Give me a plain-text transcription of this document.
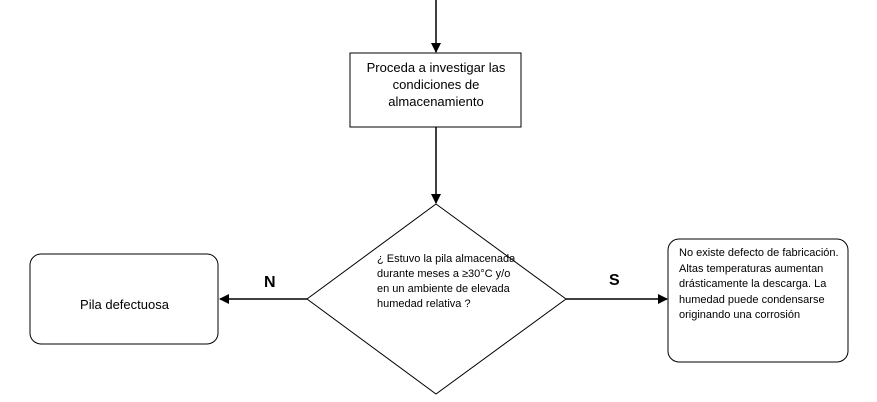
Proceda a investigar las condiciones de almacenamiento
¿ Estuvo la pila almacenada durante meses a ≥30°C y/o en un ambiente de elevada humedad relativa ?
Pila defectuosa
No existe defecto de fabricación. Altas temperaturas aumentan drásticamente la descarga. La humedad puede condensarse originando una corrosión
N	S
